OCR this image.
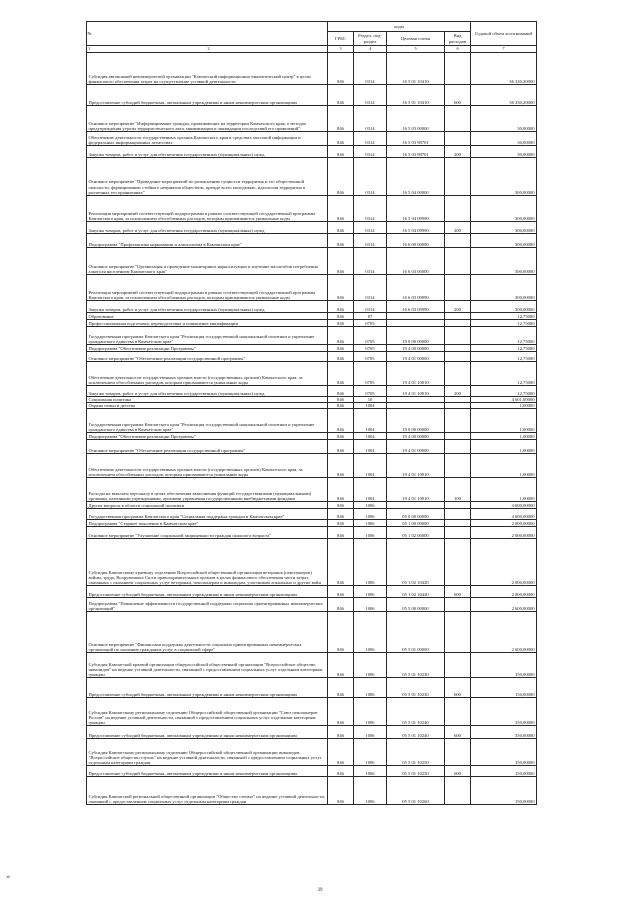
№	коды				Годовой объем ассигнований
	ГРБС	Раздел, под-раздел	Целевая статья	Вид расходов	

1 2	3	4	5	6	7
Субсидия автономной некоммерческой организации "Камчатский информационно-аналитический центр" в целях финансового обеспечения затрат на осуществление уставной деятельности	846	0314	16 5 01 10410		36 330,20000
Предоставление субсидий бюджетным, автономным учреждениям и иным некоммерческим организациям	846	0314	16 5 01 10410	600	36 330,20000
Основное мероприятие "Информирование граждан, проживающих на территории Камчатского края, о методах предупреждения угрозы террористического акта, минимизации и ликвидации последствий его проявлений"	846	0314	16 5 03 00000		30,00000
Обеспечение деятельности государственных органов Камчатского края в средствах массовой информации и федеральных информационных агентствах	846	0314	16 5 03 98701		30,00000
Закупка товаров, работ и услуг для обеспечения государственных (муниципальных) нужд	846	0314	16 5 03 98701	200	30,00000
Основное мероприятие "Проведение мероприятий по разъяснению сущности терроризма и его общественной опасности, формированию стойкого неприятия обществом, прежде всего молодежью, идеологии терроризма в различных его проявлениях"	846	0314	16 5 04 00000		300,00000
Реализация мероприятий соответствующей подпрограммы в рамках соответствующей государственной программы Камчатского края, за исключением обособленных расходов, которым присваиваются уникальные коды	846	0314	16 5 04 09990		300,00000
Закупка товаров, работ и услуг для обеспечения государственных (муниципальных) нужд	846	0314	16 5 04 09990	200	300,00000
Подпрограмма "Профилактика наркомании и алкоголизма в Камчатском крае"	846	0314	16 6 00 00000		300,00000
Основное мероприятие "Организация и проведение мониторинга наркоситуации и изучение масштабов потребления алкоголя населением Камчатского края"	846	0314	16 6 03 00000		300,00000
Реализация мероприятий соответствующей подпрограммы в рамках соответствующей государственной программы Камчатского края, за исключением обособленных расходов, которым присваиваются уникальные коды	846	0314	16 6 03 09990		300,00000
Закупка товаров, работ и услуг для обеспечения государственных (муниципальных) нужд	846	0314	16 6 03 09990	200	300,00000
Образование	846	07			12,75000
Профессиональная подготовка, переподготовка и повышение квалификации	846	0705			12,75000
Государственная программа Камчатского края "Реализация государственной национальной политики и укрепление гражданского единства в Камчатском крае"	846	0705	19 0 00 00000		12,75000
Подпрограмма "Обеспечение реализации Программы"	846	0705	19 4 00 00000		12,75000
Основное мероприятие "Обеспечение реализации государственной программы"	846	0705	19 4 01 00000		12,75000
Обеспечение деятельности государственных органов власти (государственных органов) Камчатского края, за исключением обособленных расходов, которым присваиваются уникальные коды	846	0705	19 4 01 10010		12,75000
Закупка товаров, работ и услуг для обеспечения государственных (муниципальных) нужд	846	0705	19 4 01 10010	200	12,75000
Социальная политика	846	10			4 601,00000
Охрана семьи и детства	846	1004			1,00000
Государственная программа Камчатского края "Реализация государственной национальной политики и укрепление гражданского единства в Камчатском крае"	846	1004	19 0 00 00000		1,00000
Подпрограмма "Обеспечение реализации Программы"	846	1004	19 4 00 00000		1,00000
Основное мероприятие "Обеспечение реализации государственной программы"	846	1004	19 4 01 00000		1,00000
Обеспечение деятельности государственных органов власти (государственных органов) Камчатского края, за исключением обособленных расходов, которым присваиваются уникальные коды	846	1004	19 4 01 10010		1,00000
Расходы на выплаты персоналу в целях обеспечения выполнения функций государственными (муниципальными) органами, казенными учреждениями, органами управления государственными внебюджетными фондами	846	1004	19 4 01 10010	100	1,00000
Другие вопросы в области социальной политики	846	1006			4 600,00000
Государственная программа Камчатского края "Социальная поддержка граждан в Камчатском крае"	846	1006	05 0 00 00000		4 600,00000
Подпрограмма "Старшее поколение в Камчатском крае"	846	1006	05 1 00 00000		2 000,00000
Основное мероприятие "Улучшение социальной защищенности граждан пожилого возраста"	846	1006	05 1 02 00000		2 000,00000
Субсидия Камчатскому краевому отделению Всероссийской общественной организации ветеранов (пенсионеров) войны, труда, Вооруженных Сил и правоохранительных органов в целях финансового обеспечения части затрат, связанных с оказанием социальных услуг ветеранам, пенсионерам и инвалидам, участникам локальных и других войн	846	1006	05 1 02 10420		2 000,00000
Предоставление субсидий бюджетным, автономным учреждениям и иным некоммерческим организациям	846	1006	05 1 02 10420	600	2 000,00000
Подпрограмма "Повышение эффективности государственной поддержки социально ориентированных некоммерческих организаций"	846	1006	05 5 00 00000		2 600,00000
Основное мероприятие "Финансовая поддержка деятельности социально ориентированных некоммерческих организаций по оказанию гражданам услуг в социальной сфере"	846	1006	05 5 01 00000		2 600,00000
Субсидия Камчатской краевой организации общероссийской общественной организации "Всероссийское общество инвалидов" на ведение уставной деятельности, связанной с предоставлением социальных услуг отдельным категориям граждан	846	1006	05 5 01 10230		150,00000
Предоставление субсидий бюджетным, автономным учреждениям и иным некоммерческим организациям	846	1006	05 5 01 10230	600	150,00000
Субсидия Камчатскому региональному отделению Общероссийской общественной организации "Союз пенсионеров России" на ведение уставной деятельности, связанной с предоставлением социальных услуг отдельным категориям граждан	846	1006	05 5 01 10240		350,00000
Предоставление субсидий бюджетным, автономным учреждениям и иным некоммерческим организациям	846	1006	05 5 01 10240	600	350,00000
Субсидия Камчатскому региональному отделению Общероссийской общественной организации инвалидов "Всероссийское общество глухих" на ведение уставной деятельности, связанной с предоставлением социальных услуг отдельным категориям граждан	846	1006	05 5 01 10250		150,00000
Предоставление субсидий бюджетным, автономным учреждениям и иным некоммерческим организациям	846	1006	05 5 01 10250	600	150,00000
Субсидия Камчатской региональной общественной организации "Общество слепых" на ведение уставной деятельности, связанной с предоставлением социальных услуг отдельным категориям граждан	846	1006	05 5 01 10260		150,00000
39
»
